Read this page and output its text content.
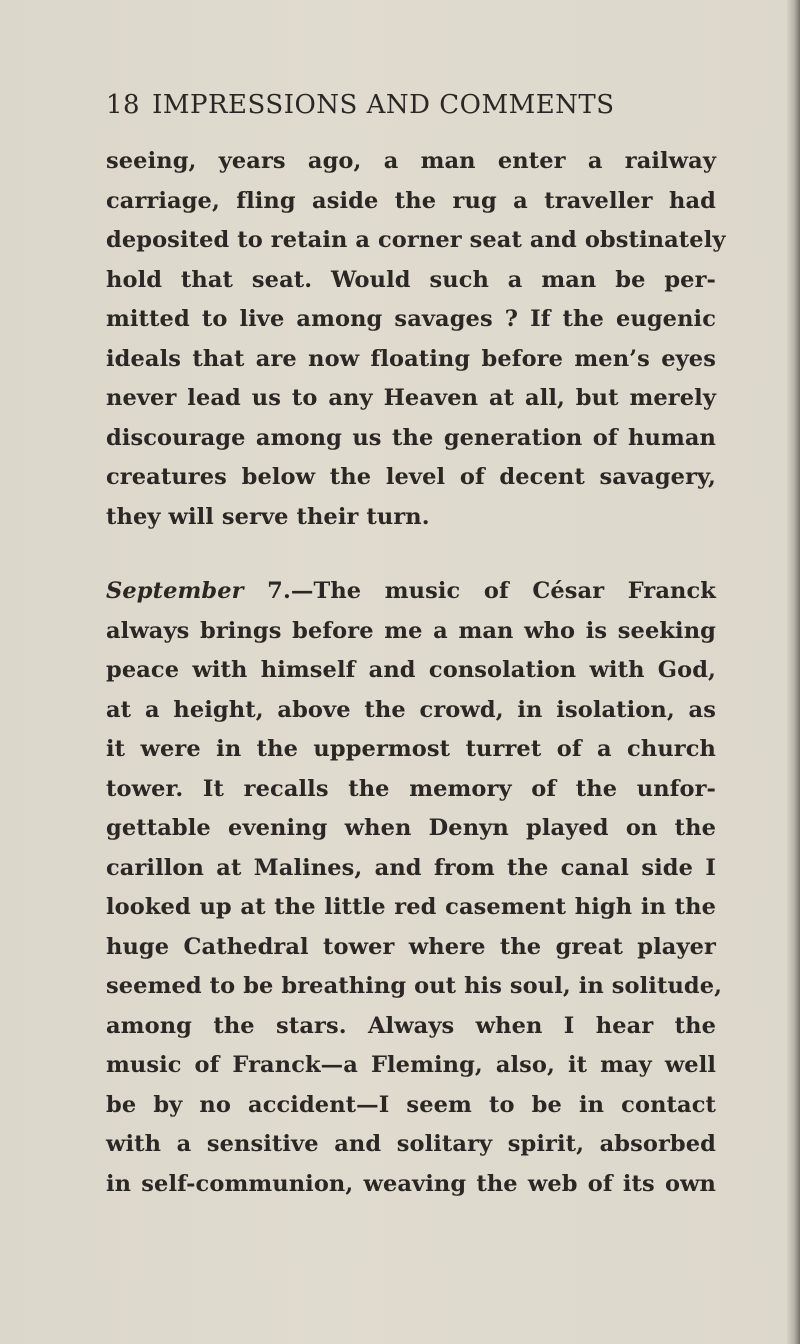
18 IMPRESSIONS AND COMMENTS
seeing, years ago, a man enter a railway
carriage, fling aside the rug a traveller had
deposited to retain a corner seat and obstinately
hold that seat. Would such a man be per-
mitted to live among savages ? If the eugenic
ideals that are now floating before men’s eyes
never lead us to any Heaven at all, but merely
discourage among us the generation of human
creatures below the level of decent savagery,
they will serve their turn.
September 7.—The music of César Franck
always brings before me a man who is seeking
peace with himself and consolation with God,
at a height, above the crowd, in isolation, as
it were in the uppermost turret of a church
tower. It recalls the memory of the unfor-
gettable evening when Denyn played on the
carillon at Malines, and from the canal side I
looked up at the little red casement high in the
huge Cathedral tower where the great player
seemed to be breathing out his soul, in solitude,
among the stars. Always when I hear the
music of Franck—a Fleming, also, it may well
be by no accident—I seem to be in contact
with a sensitive and solitary spirit, absorbed
in self-communion, weaving the web of its own
